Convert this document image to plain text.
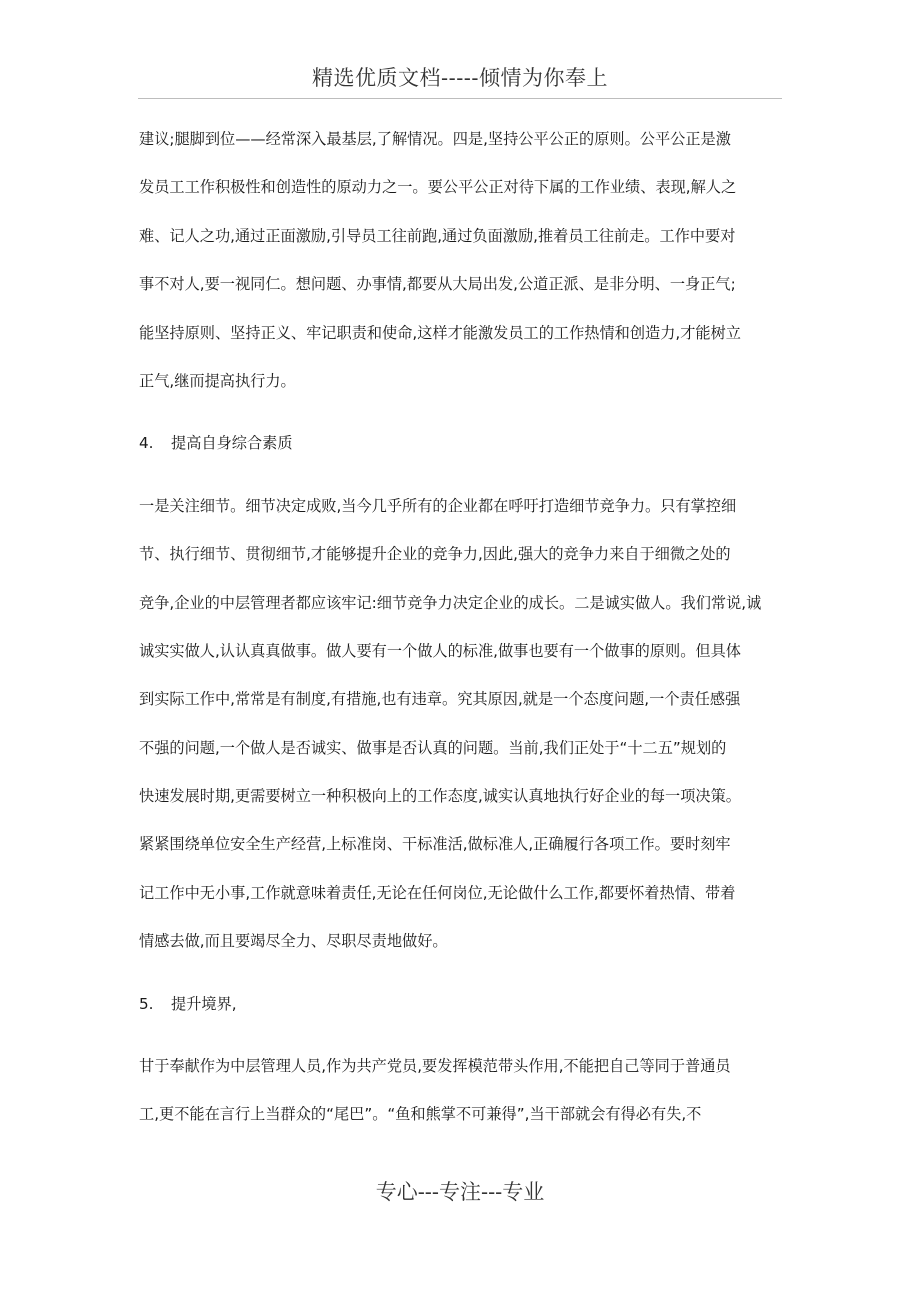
精选优质文档-----倾情为你奉上
建议;腿脚到位——经常深入最基层,了解情况。四是,坚持公平公正的原则。公平公正是激
发员工工作积极性和创造性的原动力之一。要公平公正对待下属的工作业绩、表现,解人之
难、记人之功,通过正面激励,引导员工往前跑,通过负面激励,推着员工往前走。工作中要对
事不对人,要一视同仁。想问题、办事情,都要从大局出发,公道正派、是非分明、一身正气;
能坚持原则、坚持正义、牢记职责和使命,这样才能激发员工的工作热情和创造力,才能树立
正气,继而提高执行力。
4. 提高自身综合素质
一是关注细节。细节决定成败,当今几乎所有的企业都在呼吁打造细节竞争力。只有掌控细
节、执行细节、贯彻细节,才能够提升企业的竞争力,因此,强大的竞争力来自于细微之处的
竞争,企业的中层管理者都应该牢记:细节竞争力决定企业的成长。二是诚实做人。我们常说,诚
诚实实做人,认认真真做事。做人要有一个做人的标准,做事也要有一个做事的原则。但具体
到实际工作中,常常是有制度,有措施,也有违章。究其原因,就是一个态度问题,一个责任感强
不强的问题,一个做人是否诚实、做事是否认真的问题。当前,我们正处于“十二五”规划的
快速发展时期,更需要树立一种积极向上的工作态度,诚实认真地执行好企业的每一项决策。
紧紧围绕单位安全生产经营,上标准岗、干标准活,做标准人,正确履行各项工作。要时刻牢
记工作中无小事,工作就意味着责任,无论在任何岗位,无论做什么工作,都要怀着热情、带着
情感去做,而且要竭尽全力、尽职尽责地做好。
5. 提升境界,
甘于奉献作为中层管理人员,作为共产党员,要发挥模范带头作用,不能把自己等同于普通员
工,更不能在言行上当群众的“尾巴”。“鱼和熊掌不可兼得”,当干部就会有得必有失,不
专心---专注---专业
